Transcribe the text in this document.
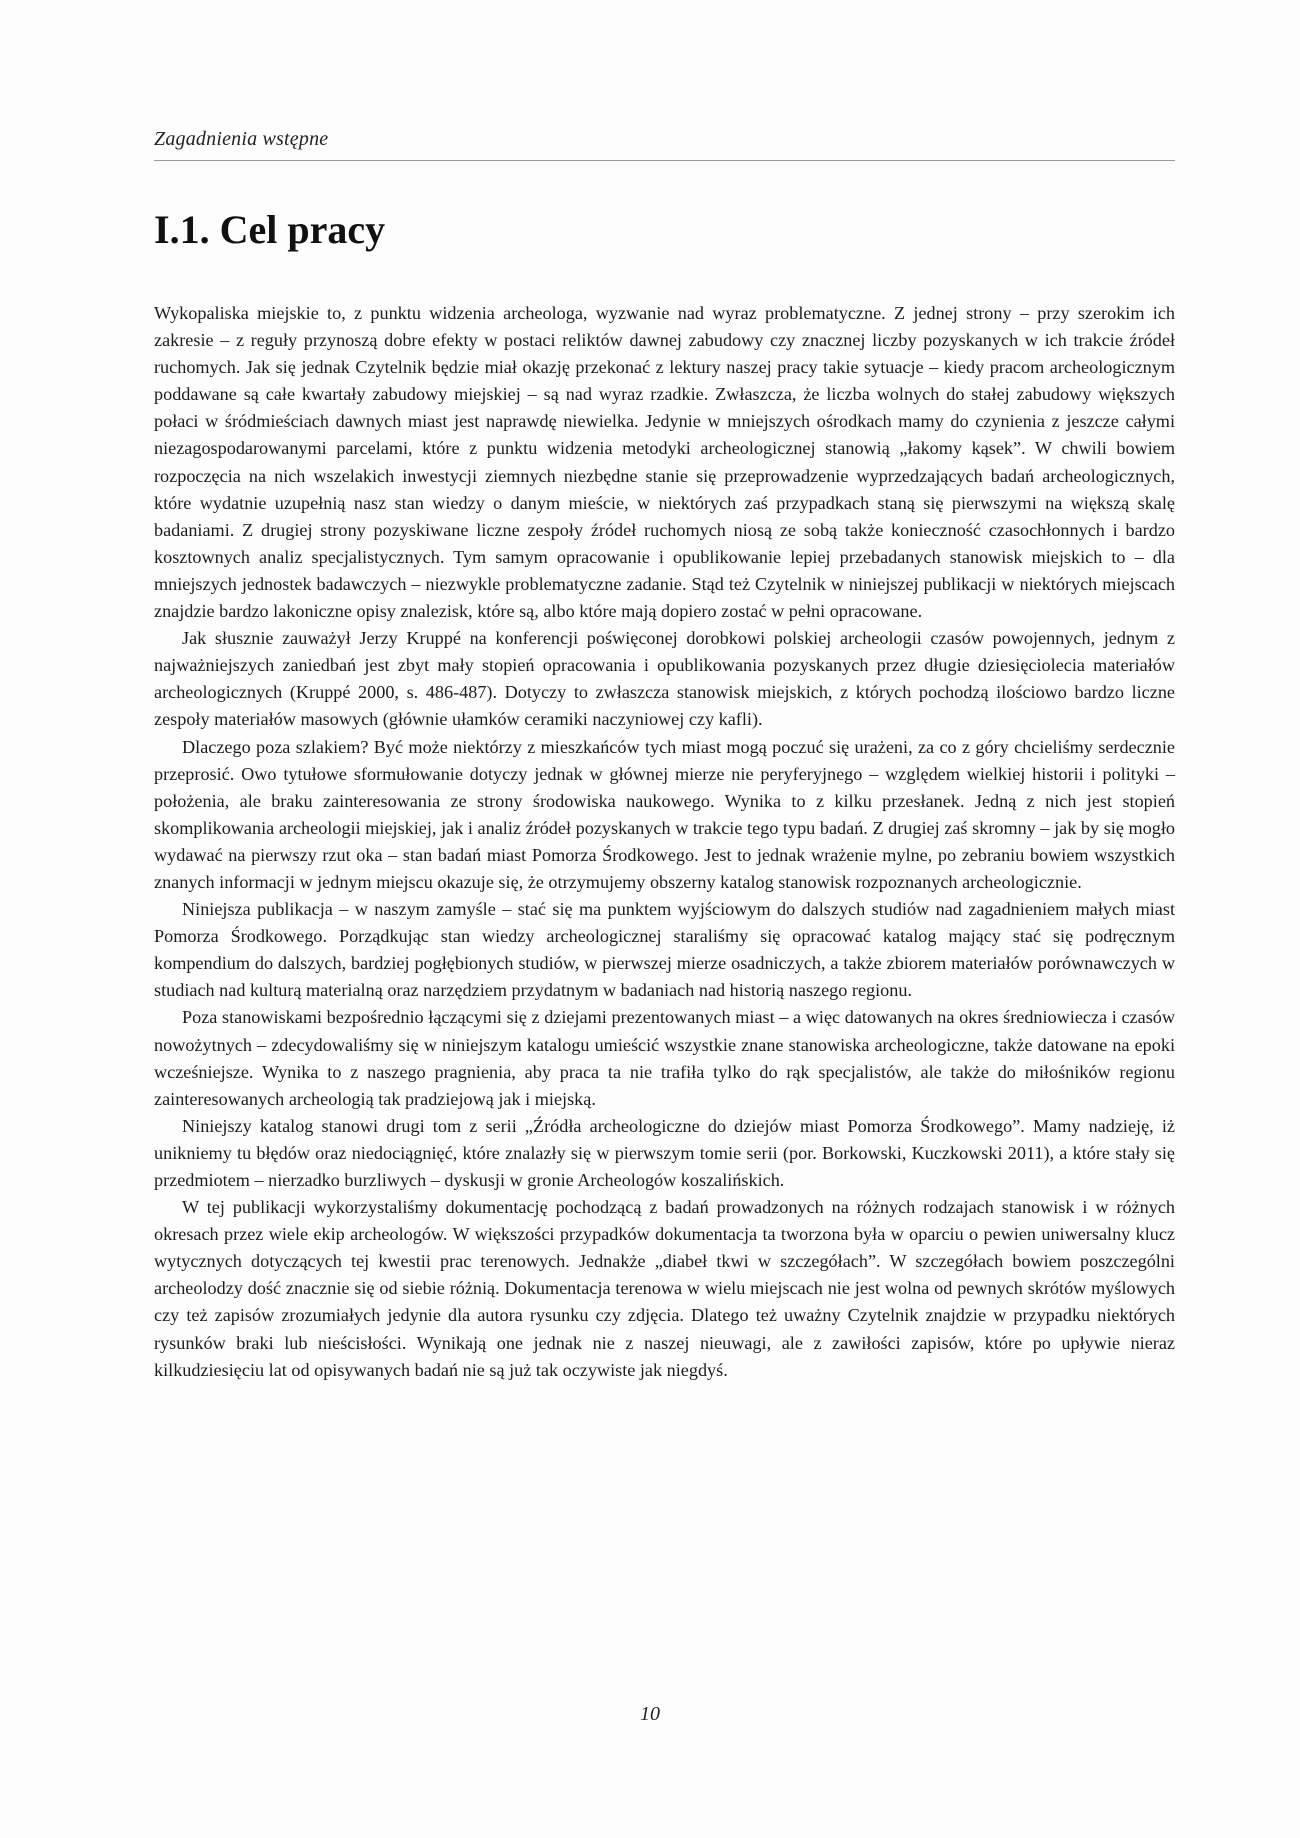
Zagadnienia wstępne
I.1. Cel pracy

Wykopaliska miejskie to, z punktu widzenia archeologa, wyzwanie nad wyraz problematyczne. Z jednej strony – przy szerokim ich zakresie – z reguły przynoszą dobre efekty w postaci reliktów dawnej zabudowy czy znacznej liczby pozyskanych w ich trakcie źródeł ruchomych. Jak się jednak Czytelnik będzie miał okazję przekonać z lektury naszej pracy takie sytuacje – kiedy pracom archeologicznym poddawane są całe kwartały zabudowy miejskiej – są nad wyraz rzadkie. Zwłaszcza, że liczba wolnych do stałej zabudowy większych połaci w śródmieściach dawnych miast jest naprawdę niewielka. Jedynie w mniejszych ośrodkach mamy do czynienia z jeszcze całymi niezagospodarowanymi parcelami, które z punktu widzenia metodyki archeologicznej stanowią „łakomy kąsek”. W chwili bowiem rozpoczęcia na nich wszelakich inwestycji ziemnych niezbędne stanie się przeprowadzenie wyprzedzających badań archeologicznych, które wydatnie uzupełnią nasz stan wiedzy o danym mieście, w niektórych zaś przypadkach staną się pierwszymi na większą skalę badaniami. Z drugiej strony pozyskiwane liczne zespoły źródeł ruchomych niosą ze sobą także konieczność czasochłonnych i bardzo kosztownych analiz specjalistycznych. Tym samym opracowanie i opublikowanie lepiej przebadanych stanowisk miejskich to – dla mniejszych jednostek badawczych – niezwykle problematyczne zadanie. Stąd też Czytelnik w niniejszej publikacji w niektórych miejscach znajdzie bardzo lakoniczne opisy znalezisk, które są, albo które mają dopiero zostać w pełni opracowane.

Jak słusznie zauważył Jerzy Kruppé na konferencji poświęconej dorobkowi polskiej archeologii czasów powojennych, jednym z najważniejszych zaniedbań jest zbyt mały stopień opracowania i opublikowania pozyskanych przez długie dziesięciolecia materiałów archeologicznych (Kruppé 2000, s. 486-487). Dotyczy to zwłaszcza stanowisk miejskich, z których pochodzą ilościowo bardzo liczne zespoły materiałów masowych (głównie ułamków ceramiki naczyniowej czy kafli).

Dlaczego poza szlakiem? Być może niektórzy z mieszkańców tych miast mogą poczuć się urażeni, za co z góry chcieliśmy serdecznie przeprosić. Owo tytułowe sformułowanie dotyczy jednak w głównej mierze nie peryferyjnego – względem wielkiej historii i polityki – położenia, ale braku zainteresowania ze strony środowiska naukowego. Wynika to z kilku przesłanek. Jedną z nich jest stopień skomplikowania archeologii miejskiej, jak i analiz źródeł pozyskanych w trakcie tego typu badań. Z drugiej zaś skromny – jak by się mogło wydawać na pierwszy rzut oka – stan badań miast Pomorza Środkowego. Jest to jednak wrażenie mylne, po zebraniu bowiem wszystkich znanych informacji w jednym miejscu okazuje się, że otrzymujemy obszerny katalog stanowisk rozpoznanych archeologicznie.

Niniejsza publikacja – w naszym zamyśle – stać się ma punktem wyjściowym do dalszych studiów nad zagadnieniem małych miast Pomorza Środkowego. Porządkując stan wiedzy archeologicznej staraliśmy się opracować katalog mający stać się podręcznym kompendium do dalszych, bardziej pogłębionych studiów, w pierwszej mierze osadniczych, a także zbiorem materiałów porównawczych w studiach nad kulturą materialną oraz narzędziem przydatnym w badaniach nad historią naszego regionu.

Poza stanowiskami bezpośrednio łączącymi się z dziejami prezentowanych miast – a więc datowanych na okres średniowiecza i czasów nowożytnych – zdecydowaliśmy się w niniejszym katalogu umieścić wszystkie znane stanowiska archeologiczne, także datowane na epoki wcześniejsze. Wynika to z naszego pragnienia, aby praca ta nie trafiła tylko do rąk specjalistów, ale także do miłośników regionu zainteresowanych archeologią tak pradziejową jak i miejską.

Niniejszy katalog stanowi drugi tom z serii „Źródła archeologiczne do dziejów miast Pomorza Środkowego”. Mamy nadzieję, iż unikniemy tu błędów oraz niedociągnięć, które znalazły się w pierwszym tomie serii (por. Borkowski, Kuczkowski 2011), a które stały się przedmiotem – nierzadko burzliwych – dyskusji w gronie Archeologów koszalińskich.

W tej publikacji wykorzystaliśmy dokumentację pochodzącą z badań prowadzonych na różnych rodzajach stanowisk i w różnych okresach przez wiele ekip archeologów. W większości przypadków dokumentacja ta tworzona była w oparciu o pewien uniwersalny klucz wytycznych dotyczących tej kwestii prac terenowych. Jednakże „diabeł tkwi w szczegółach”. W szczegółach bowiem poszczególni archeolodzy dość znacznie się od siebie różnią. Dokumentacja terenowa w wielu miejscach nie jest wolna od pewnych skrótów myślowych czy też zapisów zrozumiałych jedynie dla autora rysunku czy zdjęcia. Dlatego też uważny Czytelnik znajdzie w przypadku niektórych rysunków braki lub nieścisłości. Wynikają one jednak nie z naszej nieuwagi, ale z zawiłości zapisów, które po upływie nieraz kilkudziesięciu lat od opisywanych badań nie są już tak oczywiste jak niegdyś.

10
